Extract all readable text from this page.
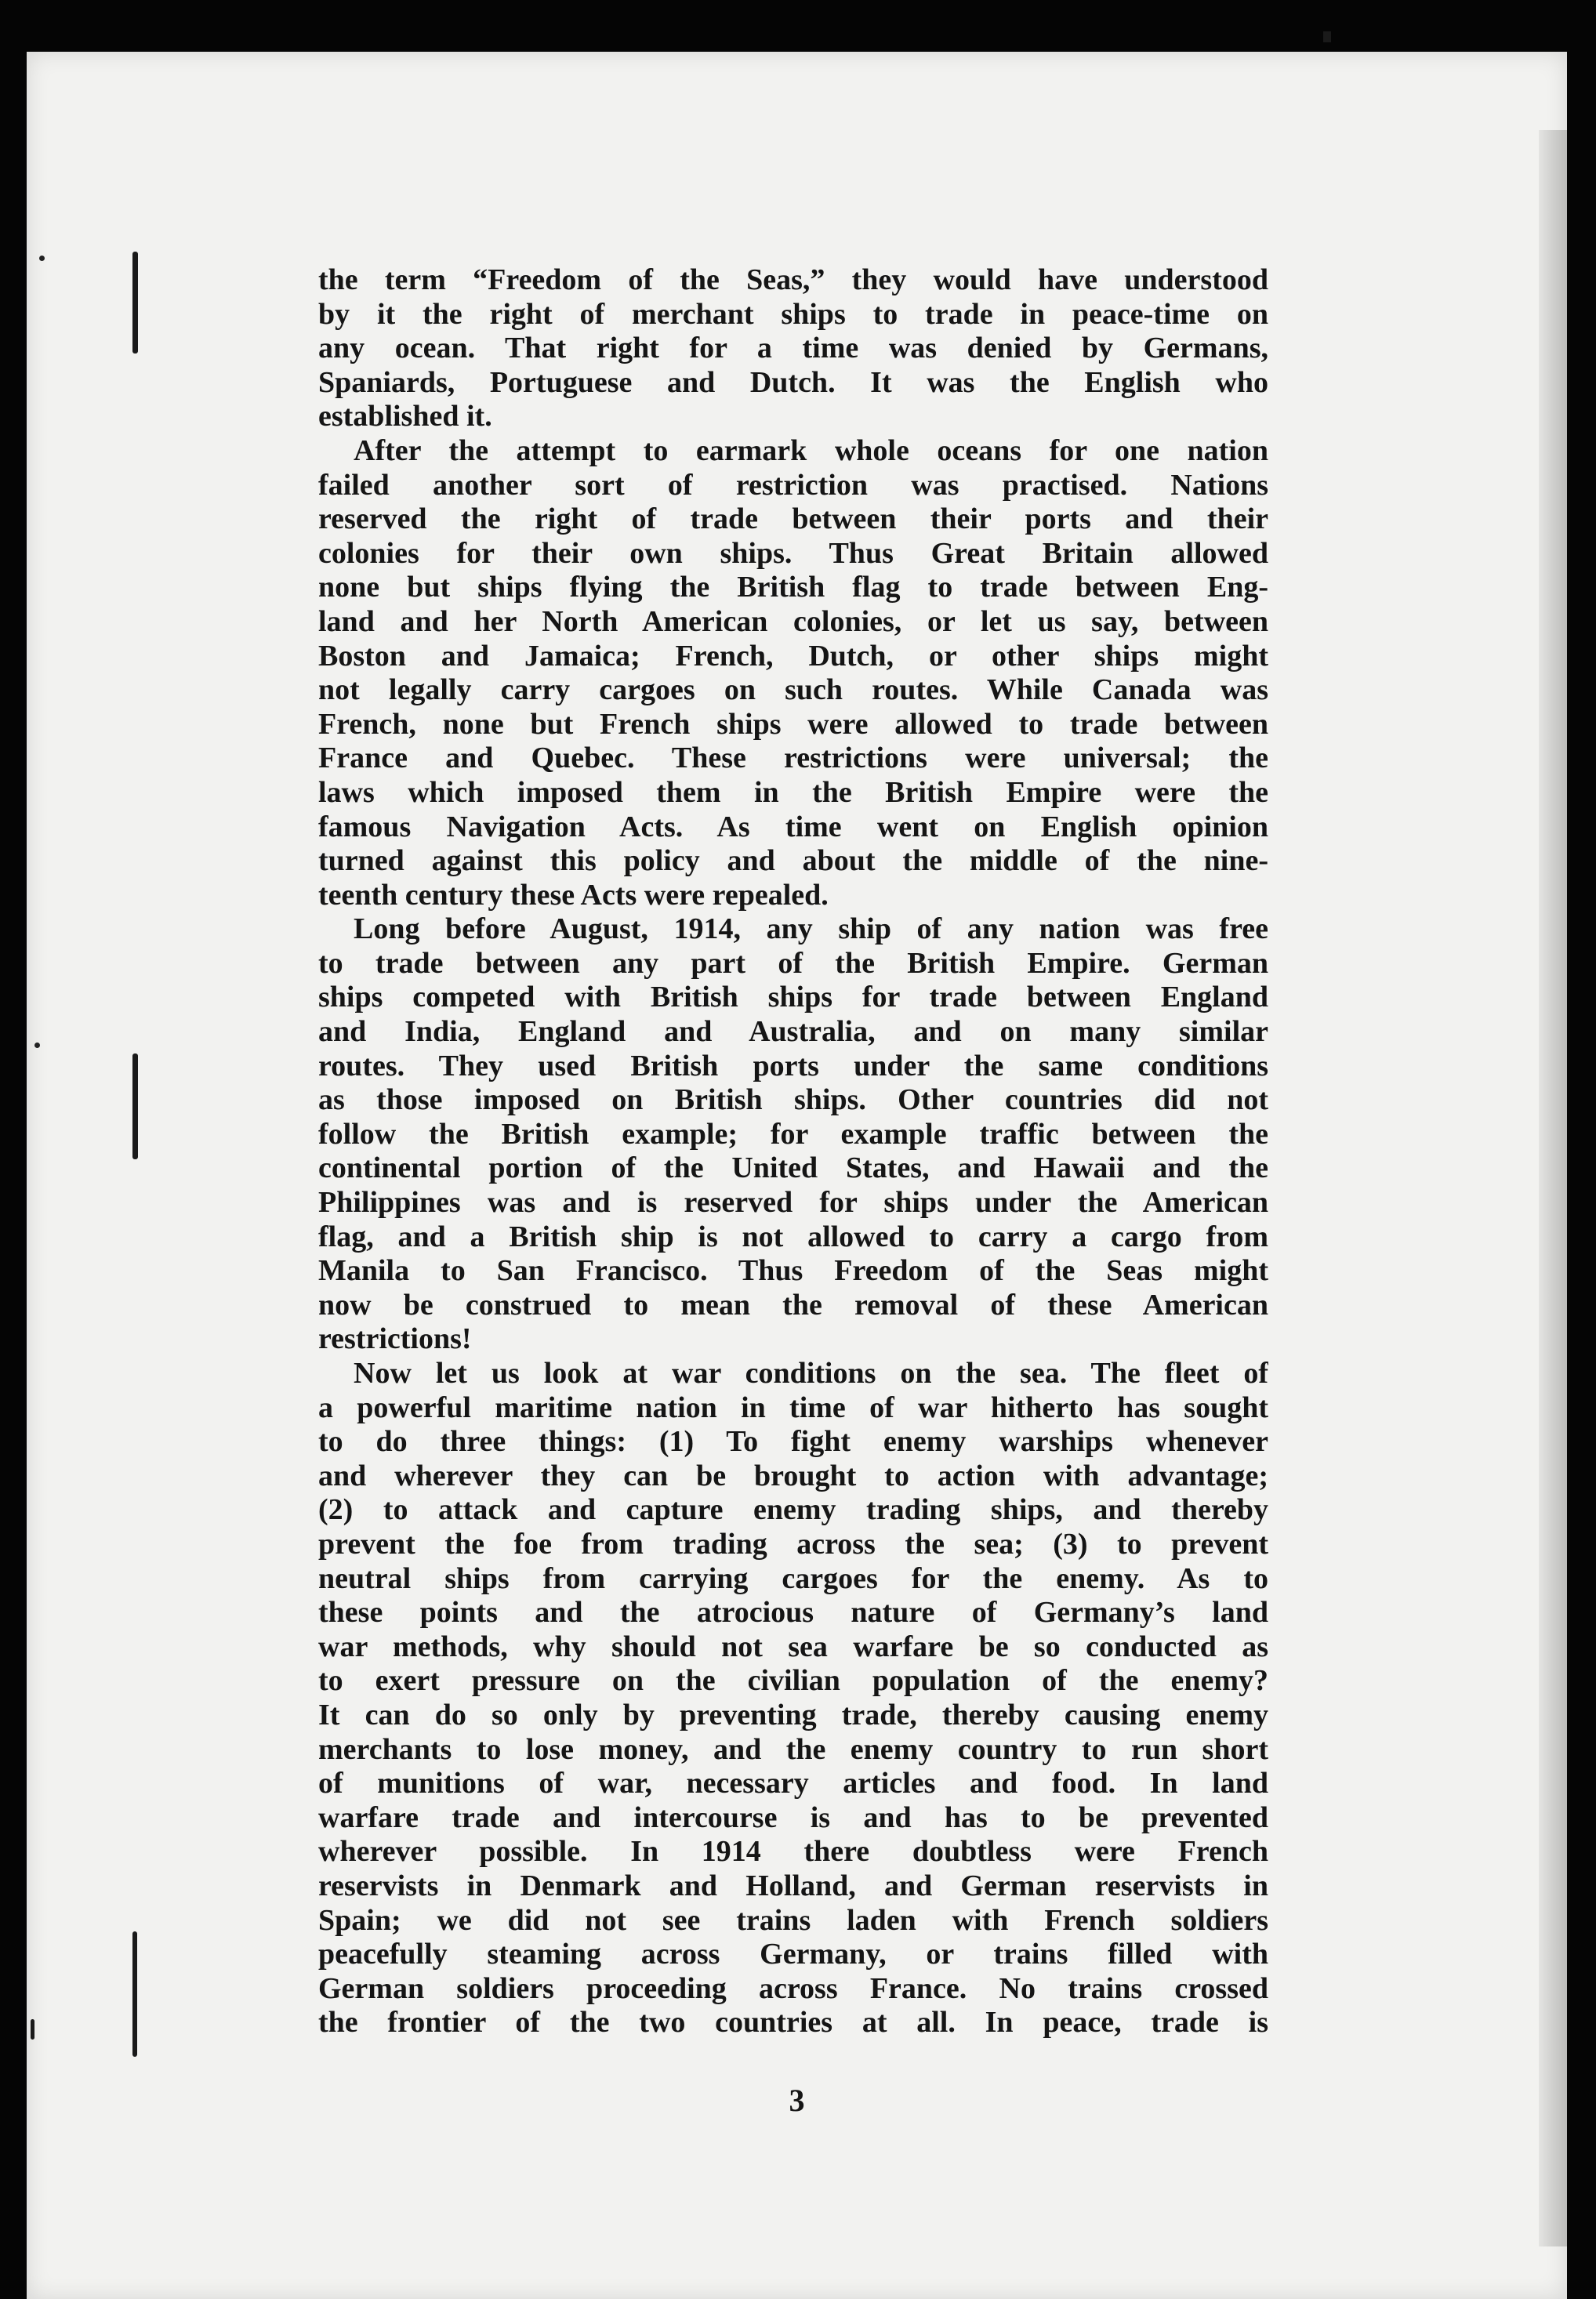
the term “Freedom of the Seas,” they would have understood
by it the right of merchant ships to trade in peace-time on
any ocean. That right for a time was denied by Germans,
Spaniards, Portuguese and Dutch. It was the English who
established it.
After the attempt to earmark whole oceans for one nation
failed another sort of restriction was practised. Nations
reserved the right of trade between their ports and their
colonies for their own ships. Thus Great Britain allowed
none but ships flying the British flag to trade between Eng-
land and her North American colonies, or let us say, between
Boston and Jamaica; French, Dutch, or other ships might
not legally carry cargoes on such routes. While Canada was
French, none but French ships were allowed to trade between
France and Quebec. These restrictions were universal; the
laws which imposed them in the British Empire were the
famous Navigation Acts. As time went on English opinion
turned against this policy and about the middle of the nine-
teenth century these Acts were repealed.
Long before August, 1914, any ship of any nation was free
to trade between any part of the British Empire. German
ships competed with British ships for trade between England
and India, England and Australia, and on many similar
routes. They used British ports under the same conditions
as those imposed on British ships. Other countries did not
follow the British example; for example traffic between the
continental portion of the United States, and Hawaii and the
Philippines was and is reserved for ships under the American
flag, and a British ship is not allowed to carry a cargo from
Manila to San Francisco. Thus Freedom of the Seas might
now be construed to mean the removal of these American
restrictions!
Now let us look at war conditions on the sea. The fleet of
a powerful maritime nation in time of war hitherto has sought
to do three things: (1) To fight enemy warships whenever
and wherever they can be brought to action with advantage;
(2) to attack and capture enemy trading ships, and thereby
prevent the foe from trading across the sea; (3) to prevent
neutral ships from carrying cargoes for the enemy. As to
these points and the atrocious nature of Germany’s land
war methods, why should not sea warfare be so conducted as
to exert pressure on the civilian population of the enemy?
It can do so only by preventing trade, thereby causing enemy
merchants to lose money, and the enemy country to run short
of munitions of war, necessary articles and food. In land
warfare trade and intercourse is and has to be prevented
wherever possible. In 1914 there doubtless were French
reservists in Denmark and Holland, and German reservists in
Spain; we did not see trains laden with French soldiers
peacefully steaming across Germany, or trains filled with
German soldiers proceeding across France. No trains crossed
the frontier of the two countries at all. In peace, trade is
3
